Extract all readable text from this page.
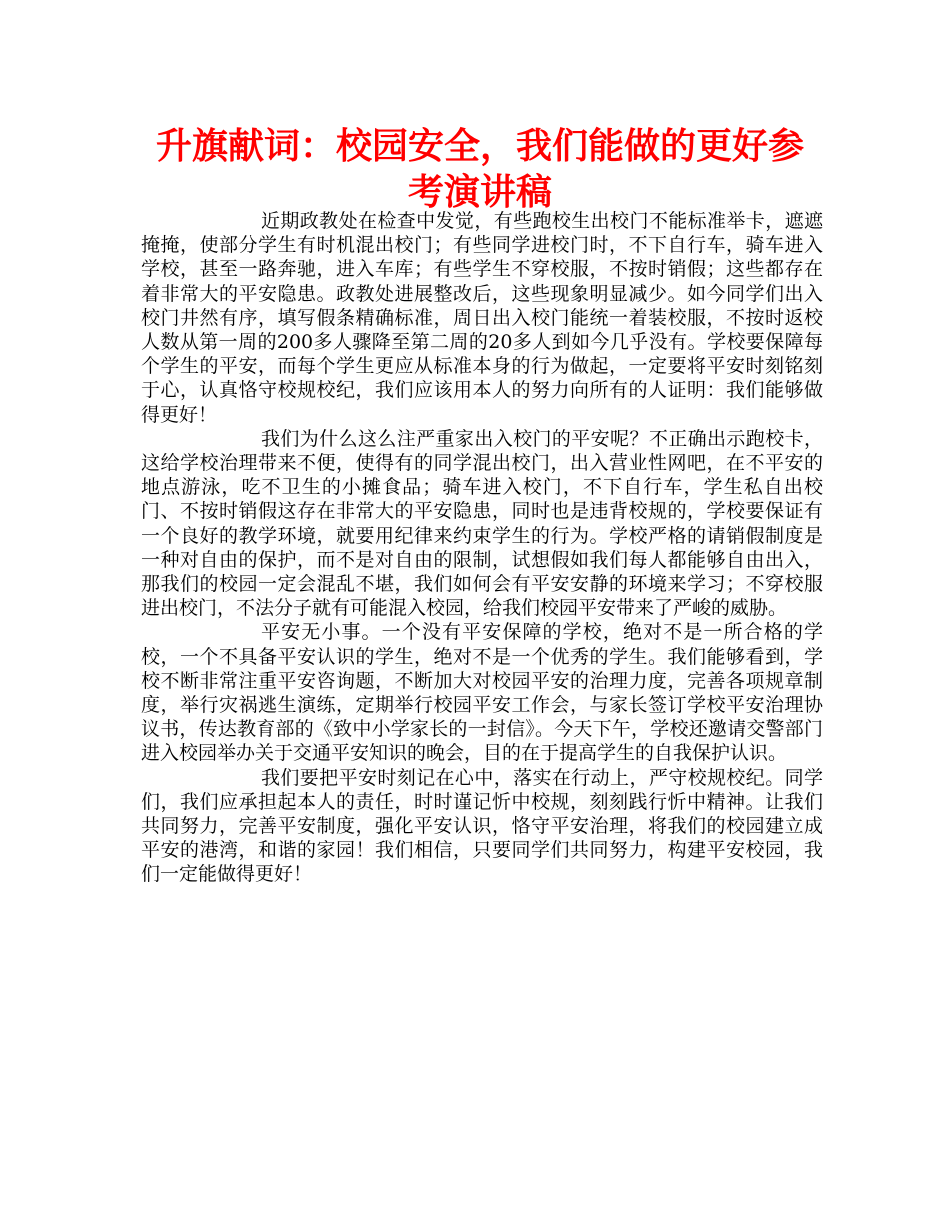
升旗献词：校园安全，我们能做的更好参考演讲稿

近期政教处在检查中发觉，有些跑校生出校门不能标准举卡，遮遮掩掩，使部分学生有时机混出校门；有些同学进校门时，不下自行车，骑车进入学校，甚至一路奔驰，进入车库；有些学生不穿校服，不按时销假；这些都存在着非常大的平安隐患。政教处进展整改后，这些现象明显减少。如今同学们出入校门井然有序，填写假条精确标准，周日出入校门能统一着装校服，不按时返校人数从第一周的200多人骤降至第二周的20多人到如今几乎没有。学校要保障每个学生的平安，而每个学生更应从标准本身的行为做起，一定要将平安时刻铭刻于心，认真恪守校规校纪，我们应该用本人的努力向所有的人证明：我们能够做得更好！

我们为什么这么注严重家出入校门的平安呢？不正确出示跑校卡，这给学校治理带来不便，使得有的同学混出校门，出入营业性网吧，在不平安的地点游泳，吃不卫生的小摊食品；骑车进入校门，不下自行车，学生私自出校门、不按时销假这存在非常大的平安隐患，同时也是违背校规的，学校要保证有一个良好的教学环境，就要用纪律来约束学生的行为。学校严格的请销假制度是一种对自由的保护，而不是对自由的限制，试想假如我们每人都能够自由出入，那我们的校园一定会混乱不堪，我们如何会有平安安静的环境来学习；不穿校服进出校门，不法分子就有可能混入校园，给我们校园平安带来了严峻的威胁。

平安无小事。一个没有平安保障的学校，绝对不是一所合格的学校，一个不具备平安认识的学生，绝对不是一个优秀的学生。我们能够看到，学校不断非常注重平安咨询题，不断加大对校园平安的治理力度，完善各项规章制度，举行灾祸逃生演练，定期举行校园平安工作会，与家长签订学校平安治理协议书，传达教育部的《致中小学家长的一封信》。今天下午，学校还邀请交警部门进入校园举办关于交通平安知识的晚会，目的在于提高学生的自我保护认识。

我们要把平安时刻记在心中，落实在行动上，严守校规校纪。同学们，我们应承担起本人的责任，时时谨记忻中校规，刻刻践行忻中精神。让我们共同努力，完善平安制度，强化平安认识，恪守平安治理，将我们的校园建立成平安的港湾，和谐的家园！我们相信，只要同学们共同努力，构建平安校园，我们一定能做得更好！
